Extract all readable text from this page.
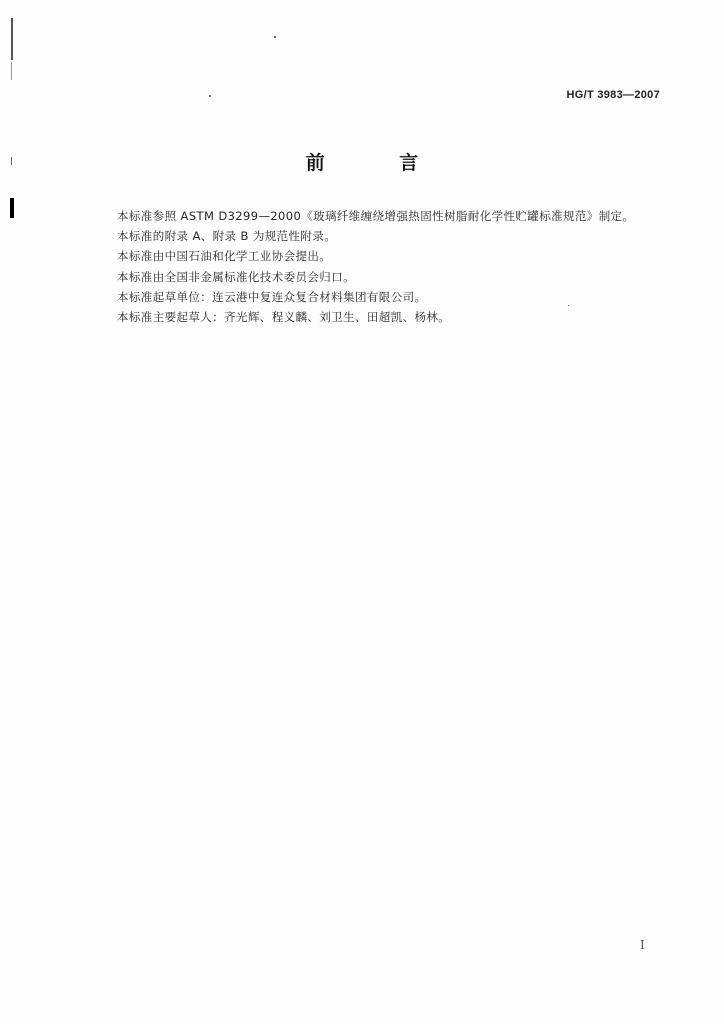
HG/T 3983—2007
前 言

本标准参照 ASTM D3299—2000《玻璃纤维缠绕增强热固性树脂耐化学性贮罐标准规范》制定。

本标准的附录 A、附录 B 为规范性附录。

本标准由中国石油和化学工业协会提出。

本标准由全国非金属标准化技术委员会归口。

本标准起草单位：连云港中复连众复合材料集团有限公司。

本标准主要起草人：齐光辉、程义麟、刘卫生、田超凯、杨林。

I
